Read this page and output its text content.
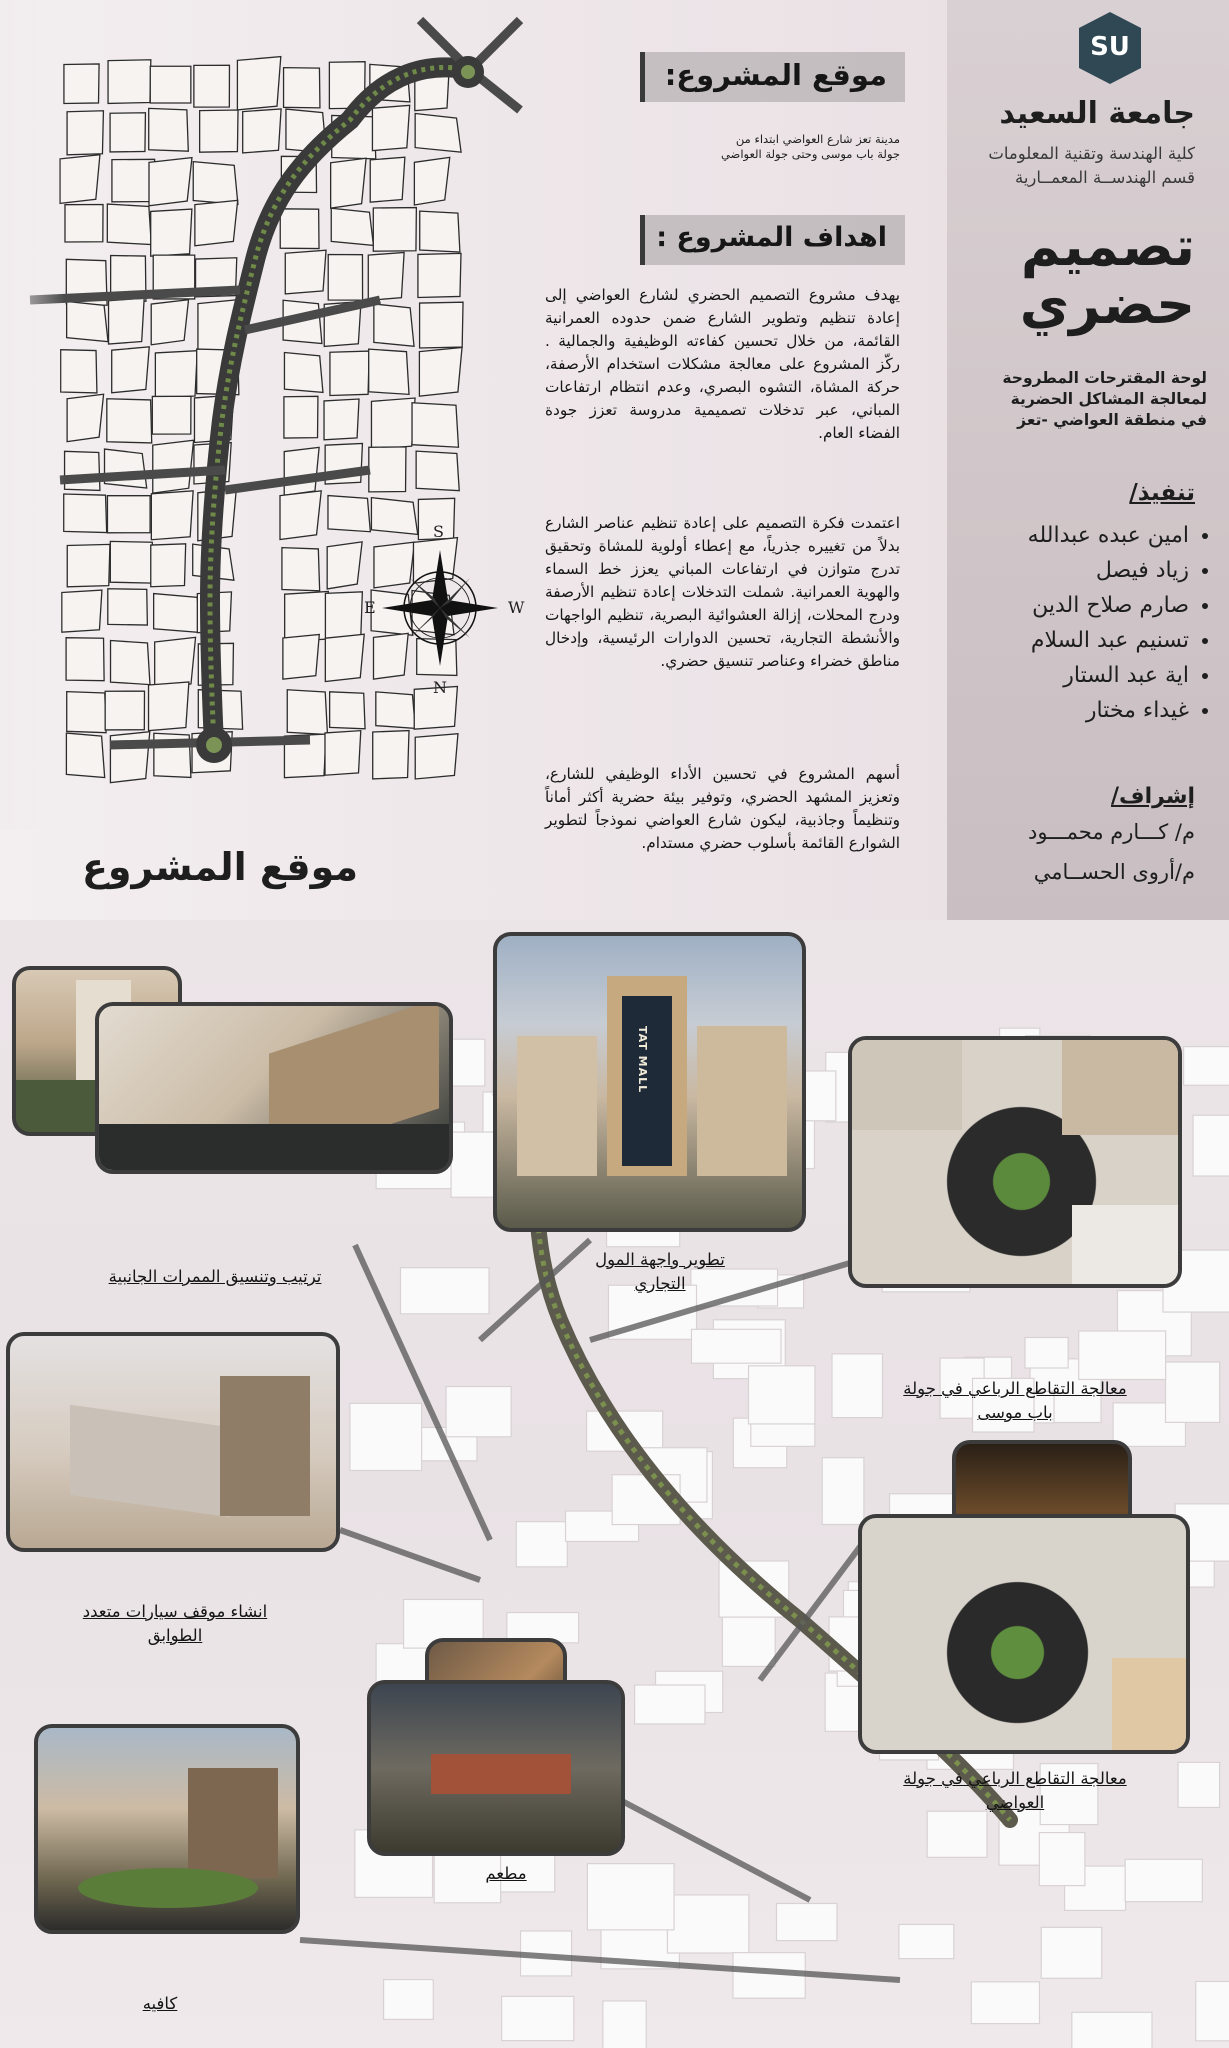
S
N
E	W
موقع المشروع
موقع المشروع:
مدينة تعز شارع العواضي ابتداء من
جولة باب موسى وحتى جولة العواضي
اهداف المشروع :

يهدف مشروع التصميم الحضري لشارع العواضي إلى إعادة تنظيم وتطوير الشارع ضمن حدوده العمرانية القائمة، من خلال تحسين كفاءته الوظيفية والجمالية . ركّز المشروع على معالجة مشكلات استخدام الأرصفة، حركة المشاة، التشوه البصري، وعدم انتظام ارتفاعات المباني، عبر تدخلات تصميمية مدروسة تعزز جودة الفضاء العام.

اعتمدت فكرة التصميم على إعادة تنظيم عناصر الشارع بدلاً من تغييره جذرياً، مع إعطاء أولوية للمشاة وتحقيق تدرج متوازن في ارتفاعات المباني يعزز خط السماء والهوية العمرانية. شملت التدخلات إعادة تنظيم الأرصفة ودرج المحلات، إزالة العشوائية البصرية، تنظيم الواجهات والأنشطة التجارية، تحسين الدوارات الرئيسية، وإدخال مناطق خضراء وعناصر تنسيق حضري.

أسهم المشروع في تحسين الأداء الوظيفي للشارع، وتعزيز المشهد الحضري، وتوفير بيئة حضرية أكثر أماناً وتنظيماً وجاذبية، ليكون شارع العواضي نموذجاً لتطوير الشوارع القائمة بأسلوب حضري مستدام.

SU
جامعة السعيد
كلية الهندسة وتقنية المعلومات
قسم الهندســة المعمــارية
تصميم
حضري
لوحة المقترحات المطروحة
لمعالجة المشاكل الحضرية
في منطقة العواضي -تعز
تنفيذ/
• امين عبده عبدالله
• زياد فيصل
• صارم صلاح الدين
• تسنيم عبد السلام
• اية عبد الستار
• غيداء مختار
إشراف/
م/ كـــارم محمـــود
م/أروى الحســامي
ترتيب وتنسيق الممرات الجانبية
TAT MALL
تطوير واجهة المول
التجاري
معالجة التقاطع الرباعي في جولة
باب موسى
انشاء موقف سيارات متعدد
الطوابق
معالجة التقاطع الرباعي في جولة
العواضي
مطعم
كافيه
